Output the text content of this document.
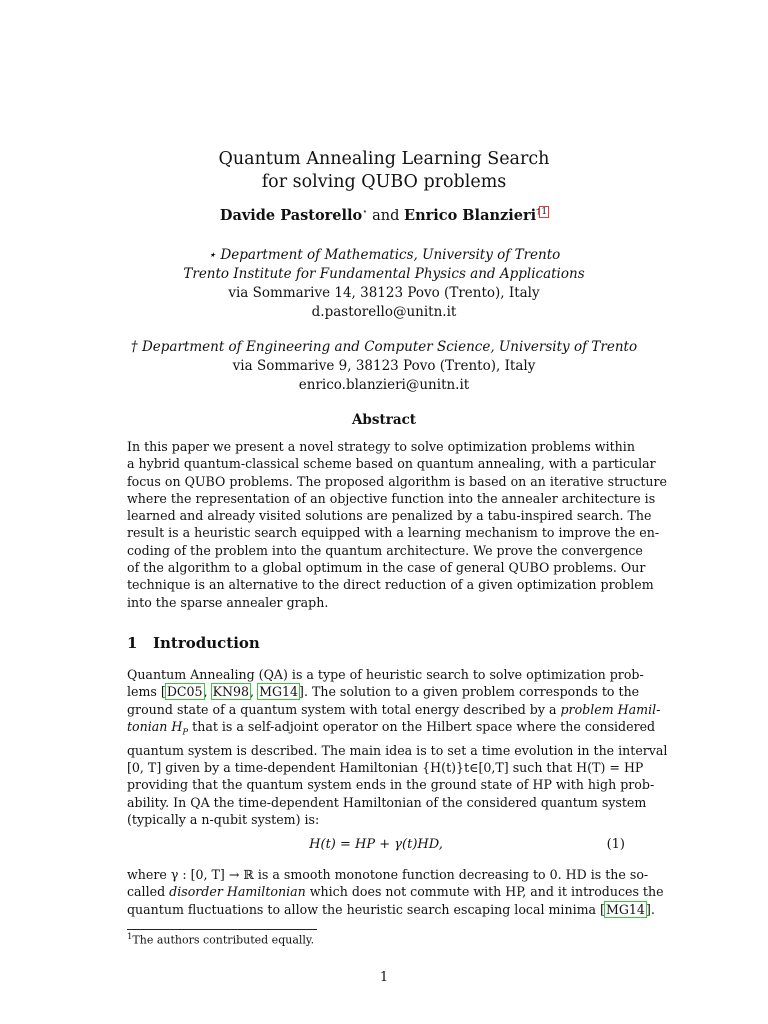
Quantum Annealing Learning Search
for solving QUBO problems
Davide Pastorello⋆ and Enrico Blanzieri$^{\dagger 1}$
⋆ Department of Mathematics, University of Trento
Trento Institute for Fundamental Physics and Applications
via Sommarive 14, 38123 Povo (Trento), Italy
d.pastorello@unitn.it
† Department of Engineering and Computer Science, University of Trento
via Sommarive 9, 38123 Povo (Trento), Italy
enrico.blanzieri@unitn.it
Abstract
In this paper we present a novel strategy to solve optimization problems within
a hybrid quantum-classical scheme based on quantum annealing, with a particular
focus on QUBO problems. The proposed algorithm is based on an iterative structure
where the representation of an objective function into the annealer architecture is
learned and already visited solutions are penalized by a tabu-inspired search. The
result is a heuristic search equipped with a learning mechanism to improve the en-
coding of the problem into the quantum architecture. We prove the convergence
of the algorithm to a global optimum in the case of general QUBO problems. Our
technique is an alternative to the direct reduction of a given optimization problem
into the sparse annealer graph.
1 Introduction
Quantum Annealing (QA) is a type of heuristic search to solve optimization prob-
lems [DC05, KN98, MG14]. The solution to a given problem corresponds to the
ground state of a quantum system with total energy described by a problem Hamil-
tonian $H_P$ that is a self-adjoint operator on the Hilbert space where the considered
quantum system is described. The main idea is to set a time evolution in the interval
[0, T] given by a time-dependent Hamiltonian {H(t)}t∈[0,T] such that H(T) = HP
providing that the quantum system ends in the ground state of HP with high prob-
ability. In QA the time-dependent Hamiltonian of the considered quantum system
(typically a n-qubit system) is:
H(t) = HP + γ(t)HD,	(1)
where γ : [0, T] → ℝ is a smooth monotone function decreasing to 0. HD is the so-
called disorder Hamiltonian which does not commute with HP, and it introduces the
quantum fluctuations to allow the heuristic search escaping local minima [MG14].
$^1$The authors contributed equally.
1
